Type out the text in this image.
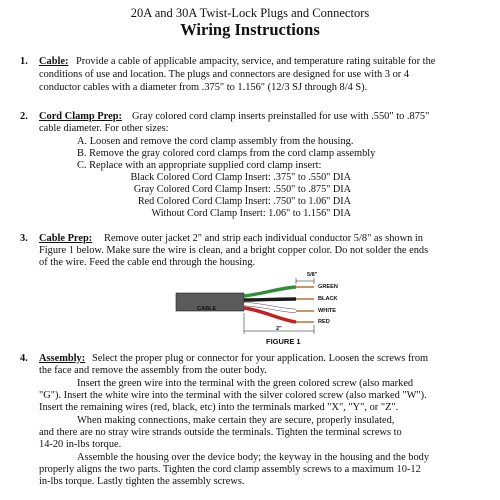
20A and 30A Twist-Lock Plugs and Connectors
Wiring Instructions
1. Cable: Provide a cable of applicable ampacity, service, and temperature rating suitable for the
conditions of use and location. The plugs and connectors are designed for use with 3 or 4
conductor cables with a diameter from .375" to 1.156" (12/3 SJ through 8/4 S).
2. Cord Clamp Prep: Gray colored cord clamp inserts preinstalled for use with .550" to .875"
cable diameter. For other sizes:
A. Loosen and remove the cord clamp assembly from the housing.
B. Remove the gray colored cord clamps from the cord clamp assembly
C. Replace with an appropriate supplied cord clamp insert:
Black Colored Cord Clamp Insert: .375" to .550" DIA
Gray Colored Cord Clamp Insert: .550" to .875" DIA
Red Colored Cord Clamp Insert: .750" to 1.06" DIA
Without Cord Clamp Insert: 1.06" to 1.156" DIA
3. Cable Prep: Remove outer jacket 2" and strip each individual conductor 5/8" as shown in
Figure 1 below. Make sure the wire is clean, and a bright copper color. Do not solder the ends
of the wire. Feed the cable end through the housing.
5/8"
CABLE
2"
GREEN
BLACK
WHITE
RED
FIGURE 1
4. Assembly: Select the proper plug or connector for your application. Loosen the screws from
the face and remove the assembly from the outer body.
Insert the green wire into the terminal with the green colored screw (also marked
"G"). Insert the white wire into the terminal with the silver colored screw (also marked "W").
Insert the remaining wires (red, black, etc) into the terminals marked "X", "Y", or "Z".
When making connections, make certain they are secure, properly insulated,
and there are no stray wire strands outside the terminals. Tighten the terminal screws to
14-20 in-lbs torque.
Assemble the housing over the device body; the keyway in the housing and the body
properly aligns the two parts. Tighten the cord clamp assembly screws to a maximum 10-12
in-lbs torque. Lastly tighten the assembly screws.
